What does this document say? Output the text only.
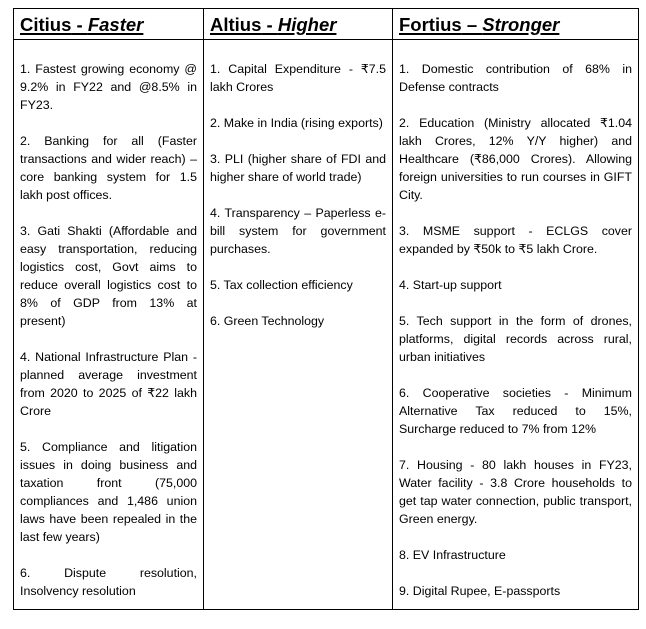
Citius - Faster
1. Fastest growing economy @ 9.2% in FY22 and @8.5% in FY23.
2. Banking for all (Faster transactions and wider reach) – core banking system for 1.5 lakh post offices.
3. Gati Shakti (Affordable and easy transportation, reducing logistics cost, Govt aims to reduce overall logistics cost to 8% of GDP from 13% at present)
4. National Infrastructure Plan - planned average investment from 2020 to 2025 of ₹22 lakh Crore
5. Compliance and litigation issues in doing business and taxation front (75,000 compliances and 1,486 union laws have been repealed in the last few years)
6. Dispute resolution, Insolvency resolution
Altius - Higher
1. Capital Expenditure - ₹7.5 lakh Crores
2. Make in India (rising exports)
3. PLI (higher share of FDI and higher share of world trade)
4. Transparency – Paperless e-bill system for government purchases.
5. Tax collection efficiency
6. Green Technology
Fortius – Stronger
1. Domestic contribution of 68% in Defense contracts
2. Education (Ministry allocated ₹1.04 lakh Crores, 12% Y/Y higher) and Healthcare (₹86,000 Crores). Allowing foreign universities to run courses in GIFT City.
3. MSME support - ECLGS cover expanded by ₹50k to ₹5 lakh Crore.
4. Start-up support
5. Tech support in the form of drones, platforms, digital records across rural, urban initiatives
6. Cooperative societies - Minimum Alternative Tax reduced to 15%, Surcharge reduced to 7% from 12%
7. Housing - 80 lakh houses in FY23, Water facility - 3.8 Crore households to get tap water connection, public transport, Green energy.
8. EV Infrastructure
9. Digital Rupee, E-passports
